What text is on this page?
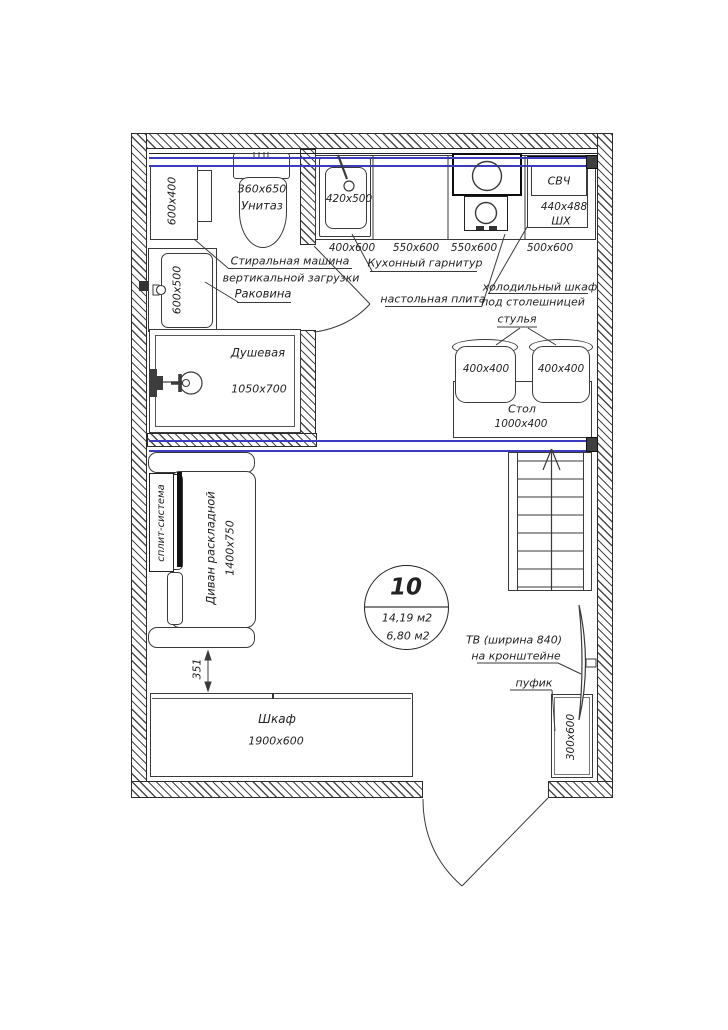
600x400
Стиральная машина
вертикальной загрузки
360x650
Унитаз
600x500	Раковина
Душевая
1050x700
420x500
400x600 550x600 550x600	500x600
Кухонный гарнитур
настольная плита
СВЧ
440x488
ШХ
холодильный шкаф
под столешницей
стулья
400x400	400x400
Стол
1000x400
10
14,19 м2
6,80 м2
сплит-система	Диван раскладной 1400x750
351
Шкаф
1900x600
ТВ (ширина 840)
на кронштейне
пуфик
300x600
